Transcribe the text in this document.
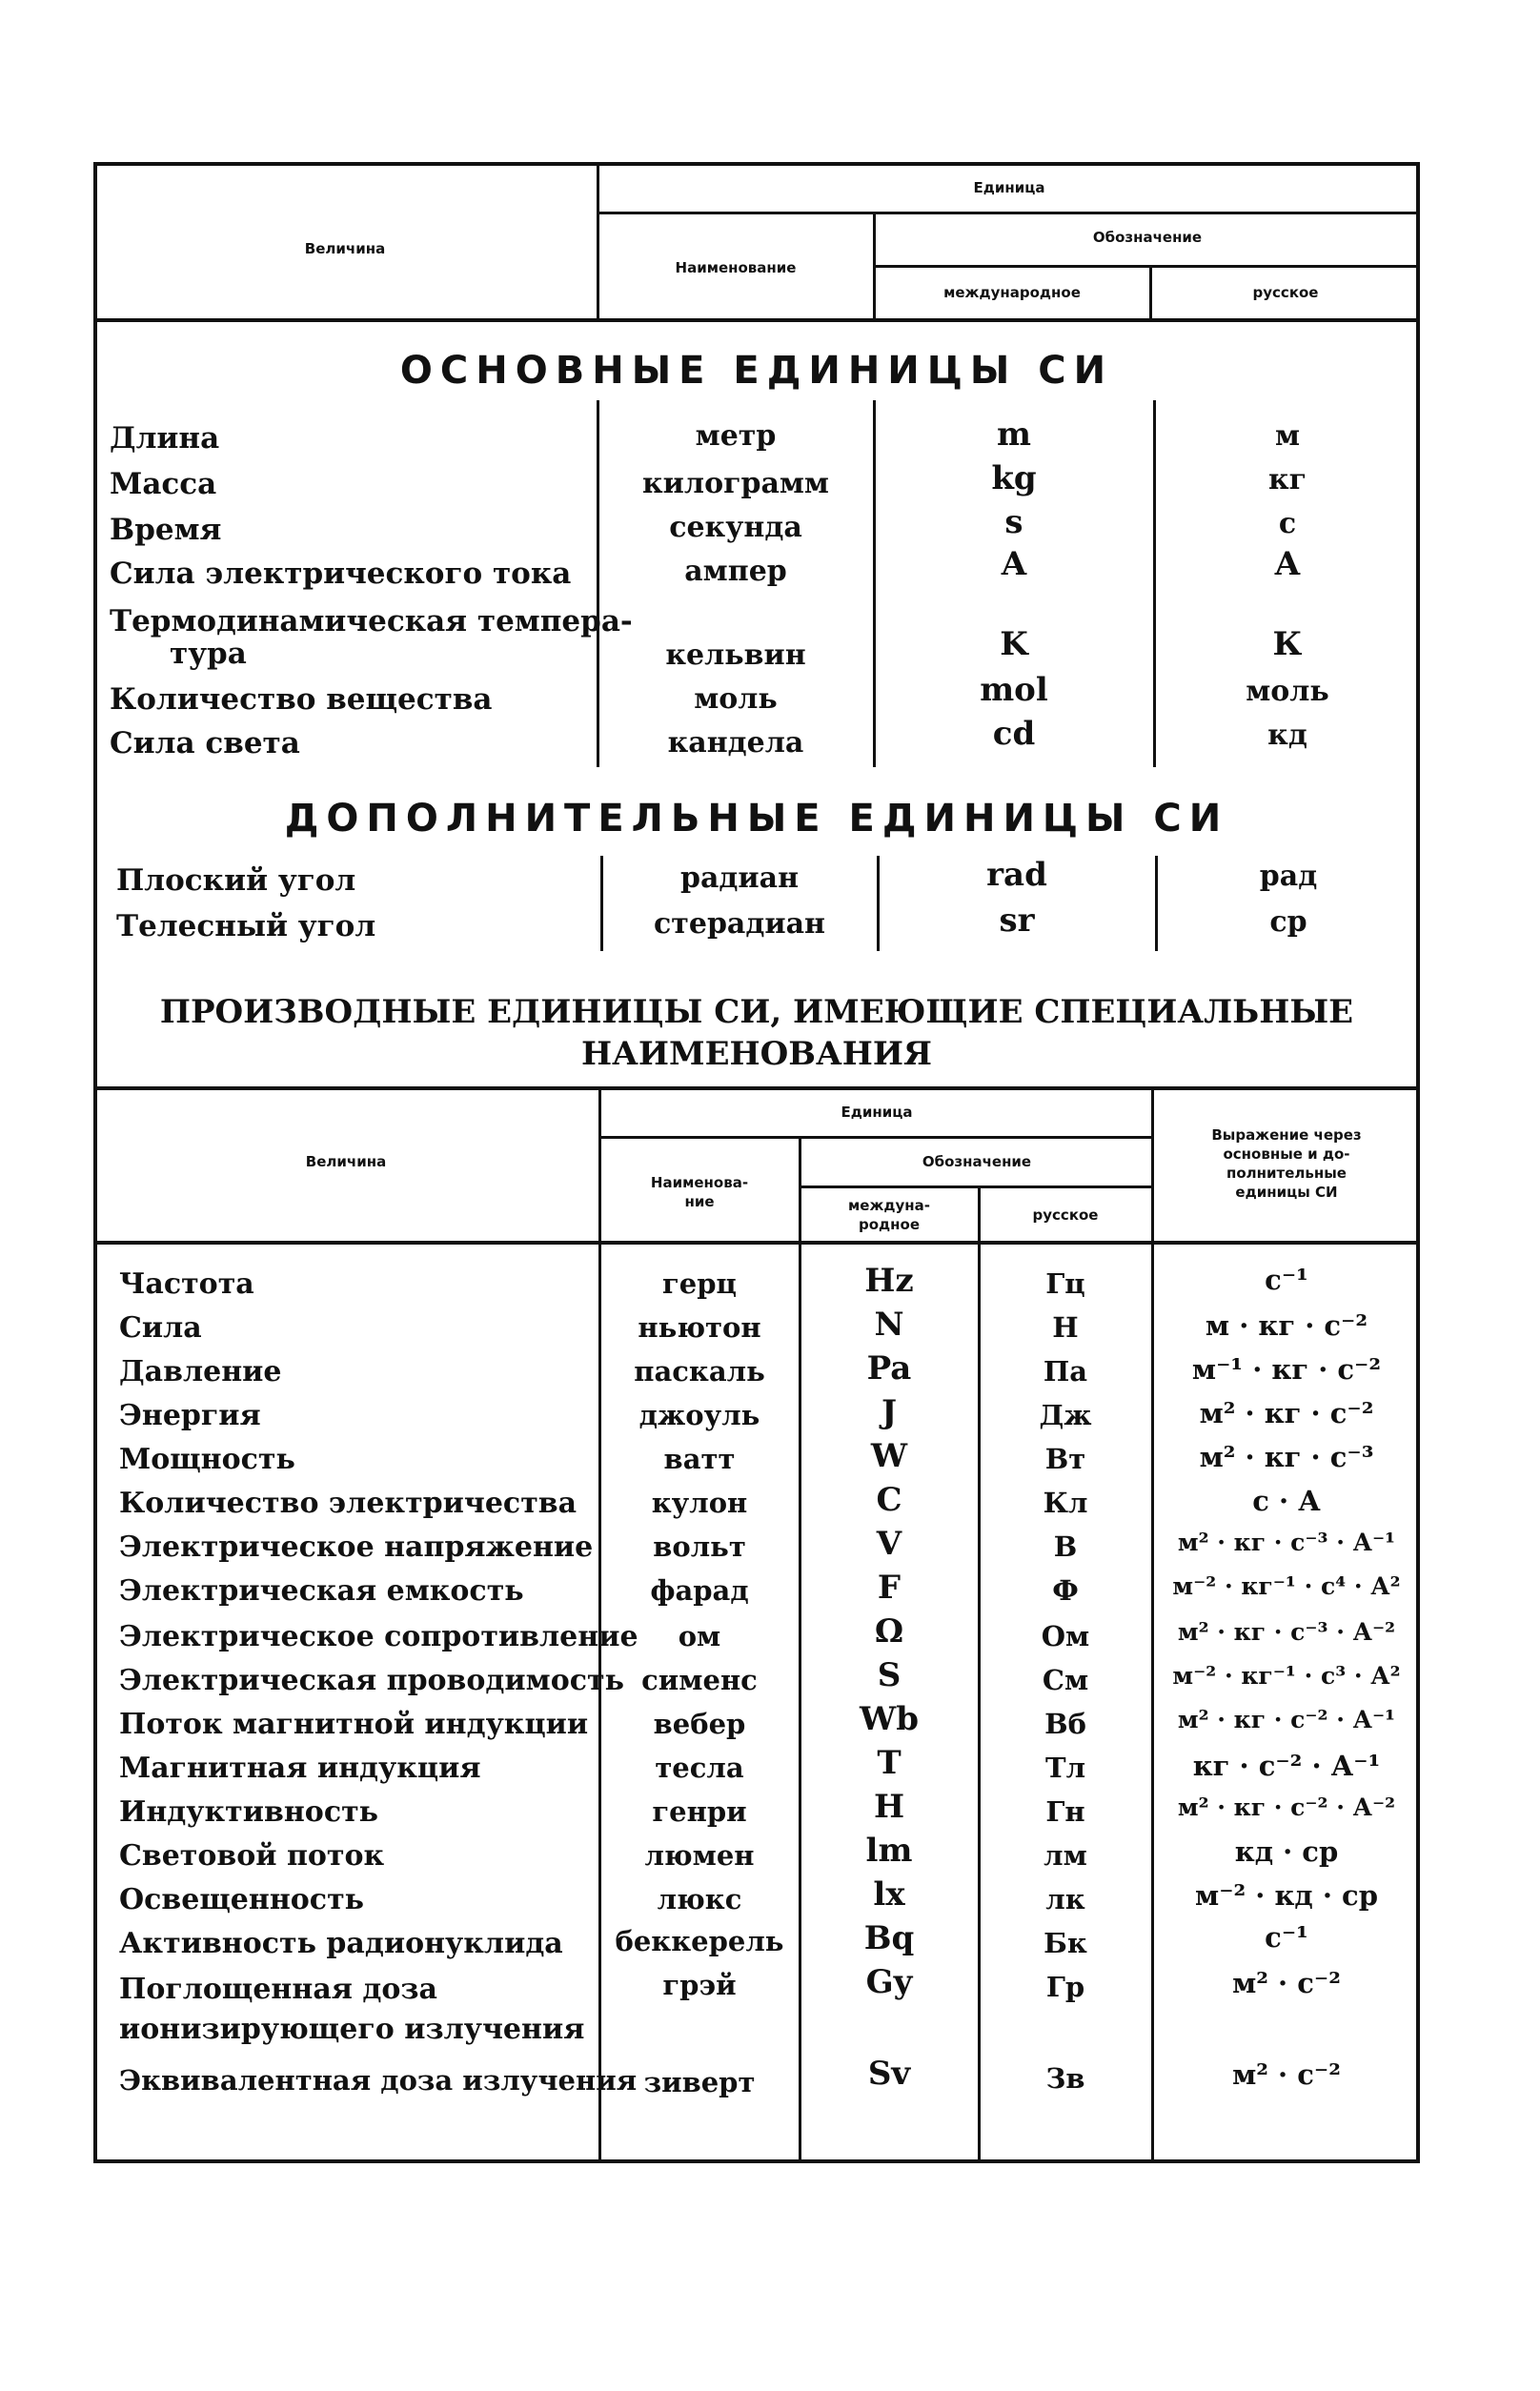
Величина
Единица
Наименование
Обозначение
международное	русское
ОСНОВНЫЕ ЕДИНИЦЫ СИ
Длина	метр	m	м
Масса	килограмм	kg	кг
Время	секунда	s	с
Сила электрического тока	ампер	A	А
Термодинамическая темпера-
тура	кельвин	K	К
Количество вещества	моль	mol	моль
Сила света	кандела	cd	кд
ДОПОЛНИТЕЛЬНЫЕ ЕДИНИЦЫ СИ
Плоский угол	радиан	rad	рад
Телесный угол	стерадиан	sr	ср
ПРОИЗВОДНЫЕ ЕДИНИЦЫ СИ, ИМЕЮЩИЕ СПЕЦИАЛЬНЫЕ
НАИМЕНОВАНИЯ
Величина
Единица
Наименова-
ние
Обозначение
междуна-
родное
русское
Выражение через
основные и до-
полнительные
единицы СИ
Частота	герц	Hz	Гц	с⁻¹
Сила	ньютон	N	Н	м · кг · с⁻²
Давление	паскаль	Pa	Па	м⁻¹ · кг · с⁻²
Энергия	джоуль	J	Дж	м² · кг · с⁻²
Мощность	ватт	W	Вт	м² · кг · с⁻³
Количество электричества	кулон	C	Кл	с · А
Электрическое напряжение	вольт	V	В	м² · кг · с⁻³ · А⁻¹
Электрическая емкость	фарад	F	Ф	м⁻² · кг⁻¹ · с⁴ · А²
Электрическое сопротивление	ом	Ω	Ом	м² · кг · с⁻³ · А⁻²
Электрическая проводимость сименс	S	См	м⁻² · кг⁻¹ · с³ · А²
Поток магнитной индукции	вебер	Wb	Вб	м² · кг · с⁻² · А⁻¹
Магнитная индукция	тесла	T	Тл	кг · с⁻² · А⁻¹
Индуктивность	генри	H	Гн	м² · кг · с⁻² · А⁻²
Световой поток	люмен	lm	лм	кд · ср
Освещенность	люкс	lx	лк	м⁻² · кд · ср
Активность радионуклида	беккерель	Bq	Бк	с⁻¹
Поглощенная доза
ионизирующего излучения
грэй	Gy	Гр	м² · с⁻²
Эквивалентная доза излучения зиверт	Sv	Зв	м² · с⁻²
